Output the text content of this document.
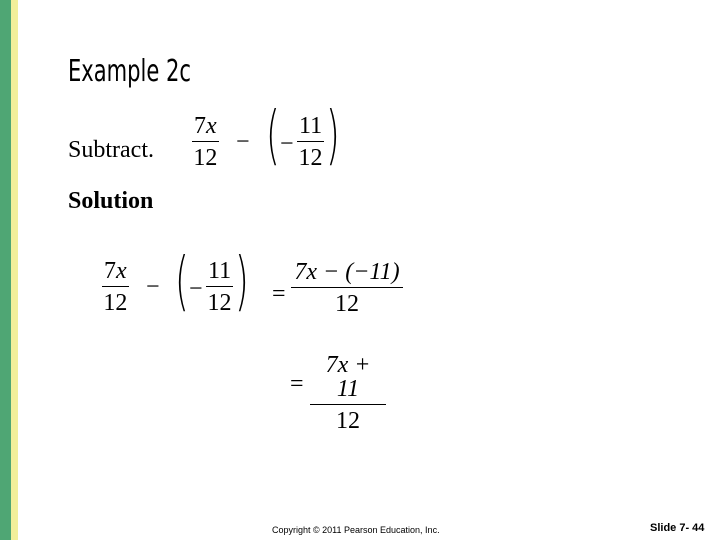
Example 2c
Subtract. $\frac{7x}{12}$ − ( − $\frac{11}{12}$ )
Solution
$\frac{7x}{12}$ − ( − $\frac{11}{12}$ ) = $\frac{7x - (-11)}{12}$
= $\frac{7x + 11}{12}$
Copyright © 2011 Pearson Education, Inc.	Slide 7- 44
